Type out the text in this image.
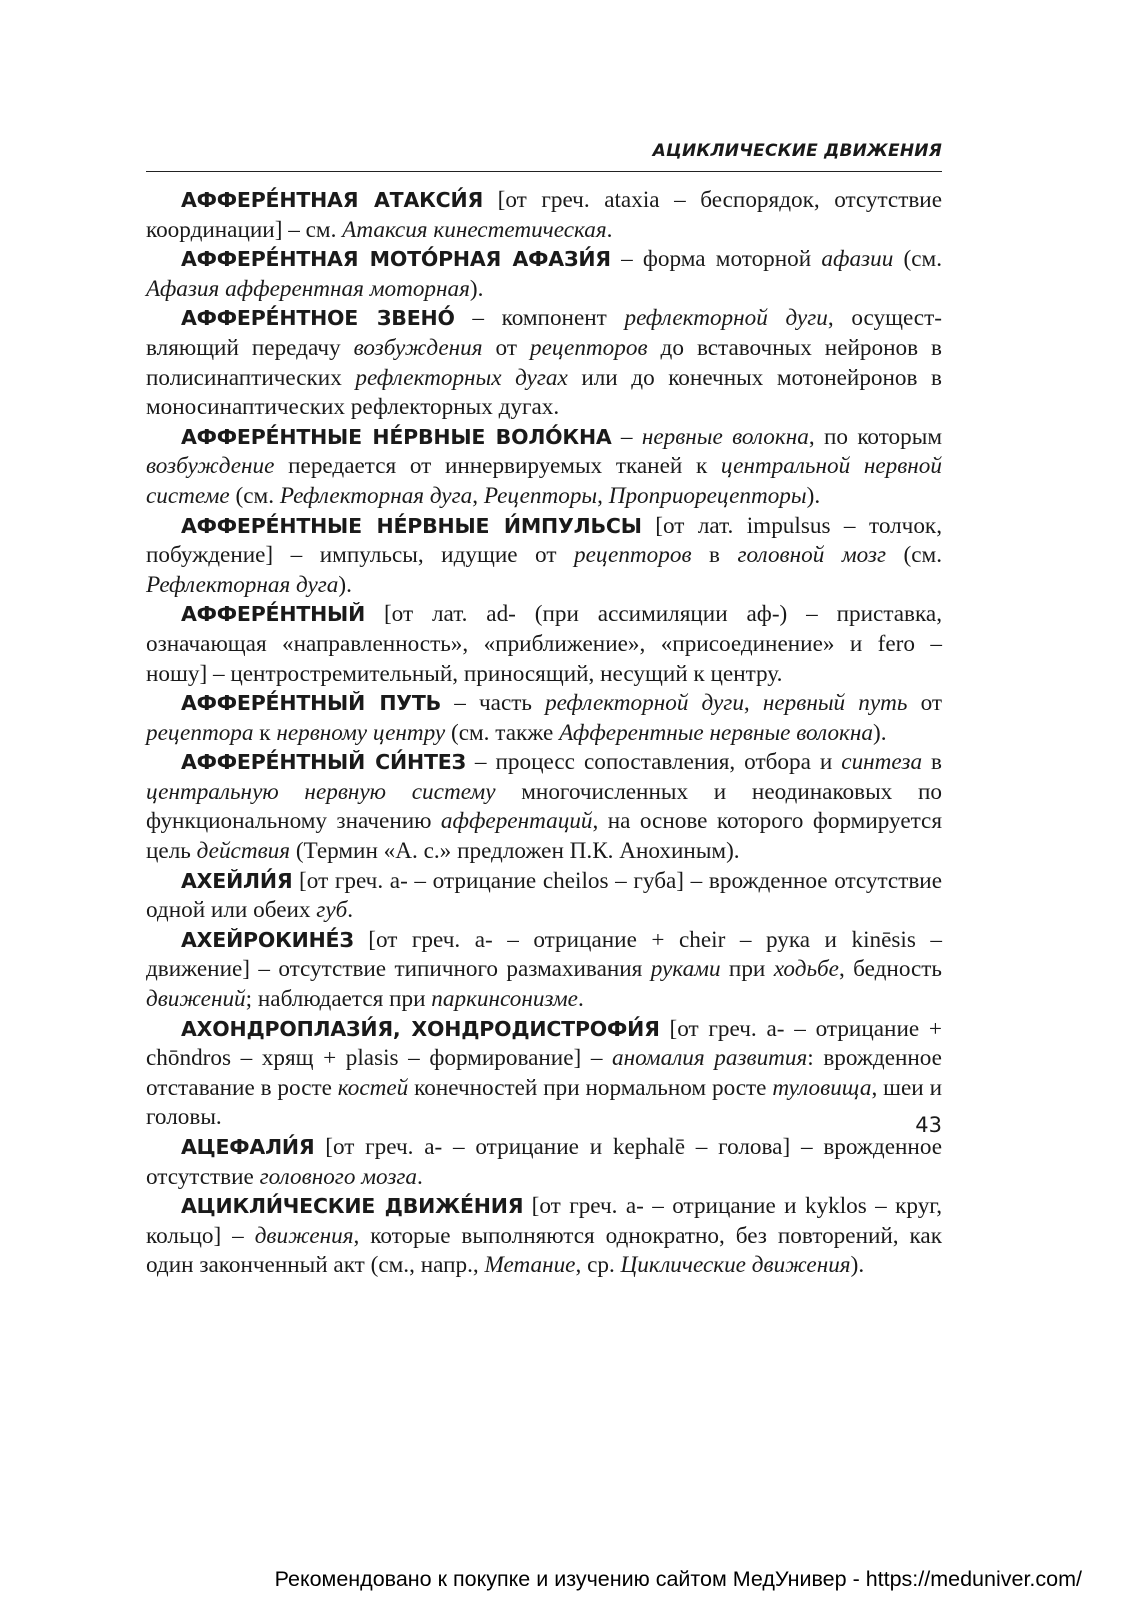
АЦИКЛИЧЕСКИЕ ДВИЖЕНИЯ

АФФЕРЕ́НТНАЯ АТАКСИ́Я [от греч. ataxia – беспорядок, отсутствие координации] – см. Атаксия кинестетическая.

АФФЕРЕ́НТНАЯ МОТО́РНАЯ АФАЗИ́Я – форма моторной афазии (см. Афазия афферентная моторная).

АФФЕРЕ́НТНОЕ ЗВЕНО́ – компонент рефлекторной дуги, осуществляющий передачу возбуждения от рецепторов до вставочных нейронов в полисинаптических рефлекторных дугах или до конечных мотонейронов в моносинаптических рефлекторных дугах.

АФФЕРЕ́НТНЫЕ НЕ́РВНЫЕ ВОЛО́КНА – нервные волокна, по которым возбуждение передается от иннервируемых тканей к центральной нервной системе (см. Рефлекторная дуга, Рецепторы, Проприорецепторы).

АФФЕРЕ́НТНЫЕ НЕ́РВНЫЕ И́МПУЛЬСЫ [от лат. impulsus – толчок, побуждение] – импульсы, идущие от рецепторов в головной мозг (см. Рефлекторная дуга).

АФФЕРЕ́НТНЫЙ [от лат. ad- (при ассимиляции аф-) – приставка, означающая «направленность», «приближение», «присоединение» и fero – ношу] – центростремительный, приносящий, несущий к центру.

АФФЕРЕ́НТНЫЙ ПУТЬ – часть рефлекторной дуги, нервный путь от рецептора к нервному центру (см. также Афферентные нервные волокна).

АФФЕРЕ́НТНЫЙ СИ́НТЕЗ – процесс сопоставления, отбора и синтеза в центральную нервную систему многочисленных и неодинаковых по функциональному значению афферентаций, на основе которого формируется цель действия (Термин «А. с.» предложен П.К. Анохиным).

АХЕЙЛИ́Я [от греч. а- – отрицание cheilos – губа] – врожденное отсутствие одной или обеих губ.

АХЕЙРОКИНЕ́З [от греч. а- – отрицание + cheir – рука и kinēsis – движение] – отсутствие типичного размахивания руками при ходьбе, бедность движений; наблюдается при паркинсонизме.

АХОНДРОПЛАЗИ́Я, ХОНДРОДИСТРОФИ́Я [от греч. а- – отрицание + chōndros – хрящ + plasis – формирование] – аномалия развития: врожденное отставание в росте костей конечностей при нормальном росте туловища, шеи и головы.

АЦЕФАЛИ́Я [от греч. а- – отрицание и kephalē – голова] – врожденное отсутствие головного мозга.

АЦИКЛИ́ЧЕСКИЕ ДВИЖЕ́НИЯ [от греч. а- – отрицание и kyklos – круг, кольцо] – движения, которые выполняются однократно, без повторений, как один законченный акт (см., напр., Метание, ср. Циклические движения).

43
Рекомендовано к покупке и изучению сайтом МедУнивер - https://meduniver.com/
